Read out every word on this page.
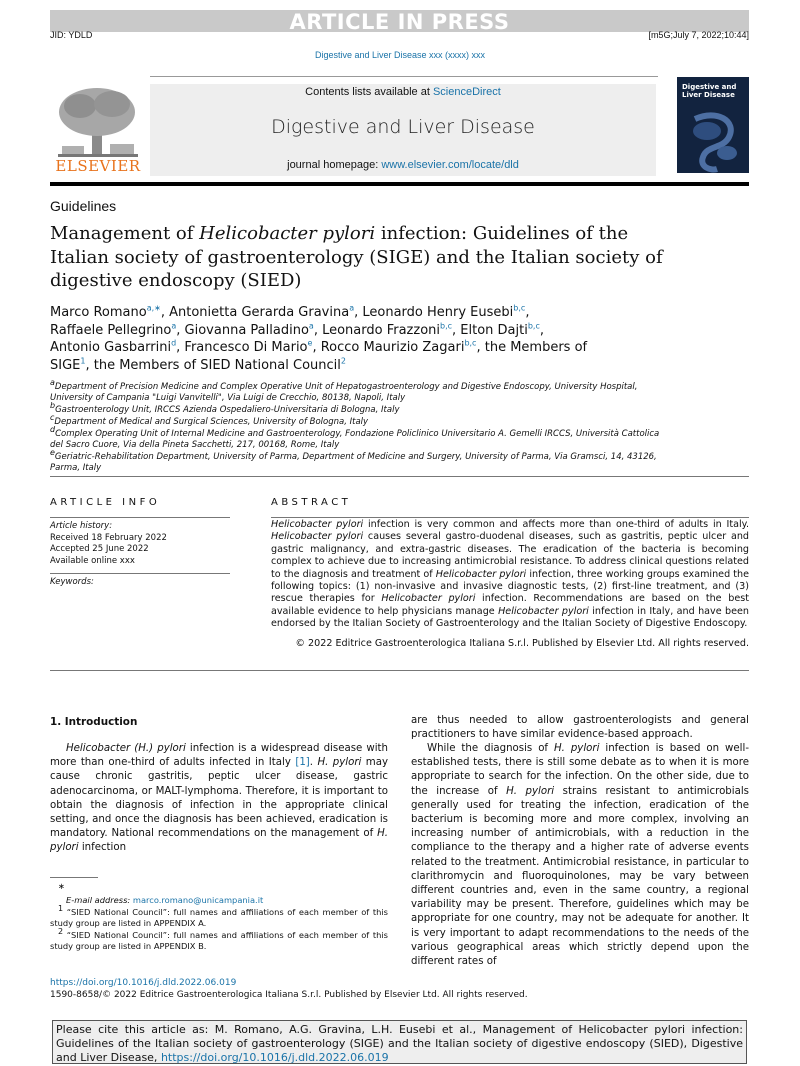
ARTICLE IN PRESS
JID: YDLD	[m5G;July 7, 2022;10:44]
Digestive and Liver Disease xxx (xxxx) xxx
ELSEVIER
Contents lists available at ScienceDirect
Digestive and Liver Disease
journal homepage: www.elsevier.com/locate/dld
Digestive and Liver Disease
Guidelines
Management of Helicobacter pylori infection: Guidelines of the Italian society of gastroenterology (SIGE) and the Italian society of digestive endoscopy (SIED)
Marco Romano$^{a,∗}$, Antonietta Gerarda Gravina$^a$, Leonardo Henry Eusebi$^{b,c}$,
Raffaele Pellegrino$^a$, Giovanna Palladino$^a$, Leonardo Frazzoni$^{b,c}$, Elton Dajti$^{b,c}$,
Antonio Gasbarrini$^d$, Francesco Di Mario$^e$, Rocco Maurizio Zagari$^{b,c}$, the Members of
SIGE$^1$, the Members of SIED National Council$^2$
$^a$Department of Precision Medicine and Complex Operative Unit of Hepatogastroenterology and Digestive Endoscopy, University Hospital, University of Campania "Luigi Vanvitelli", Via Luigi de Crecchio, 80138, Napoli, Italy
$^b$Gastroenterology Unit, IRCCS Azienda Ospedaliero-Universitaria di Bologna, Italy
$^c$Department of Medical and Surgical Sciences, University of Bologna, Italy
$^d$Complex Operating Unit of Internal Medicine and Gastroenterology, Fondazione Policlinico Universitario A. Gemelli IRCCS, Università Cattolica del Sacro Cuore, Via della Pineta Sacchetti, 217, 00168, Rome, Italy
$^e$Geriatric-Rehabilitation Department, University of Parma, Department of Medicine and Surgery, University of Parma, Via Gramsci, 14, 43126, Parma, Italy
ARTICLE INFO
Article history:
Received 18 February 2022
Accepted 25 June 2022
Available online xxx
Keywords:
ABSTRACT
Helicobacter pylori infection is very common and affects more than one-third of adults in Italy. Helicobacter pylori causes several gastro-duodenal diseases, such as gastritis, peptic ulcer and gastric malignancy, and extra-gastric diseases. The eradication of the bacteria is becoming complex to achieve due to increasing antimicrobial resistance. To address clinical questions related to the diagnosis and treatment of Helicobacter pylori infection, three working groups examined the following topics: (1) non-invasive and invasive diagnostic tests, (2) first-line treatment, and (3) rescue therapies for Helicobacter pylori infection. Recommendations are based on the best available evidence to help physicians manage Helicobacter pylori infection in Italy, and have been endorsed by the Italian Society of Gastroenterology and the Italian Society of Digestive Endoscopy.
© 2022 Editrice Gastroenterologica Italiana S.r.l. Published by Elsevier Ltd. All rights reserved.
1. Introduction
Helicobacter (H.) pylori infection is a widespread disease with more than one-third of adults infected in Italy [1]. H. pylori may cause chronic gastritis, peptic ulcer disease, gastric adenocarcinoma, or MALT-lymphoma. Therefore, it is important to obtain the diagnosis of infection in the appropriate clinical setting, and once the diagnosis has been achieved, eradication is mandatory. National recommendations on the management of H. pylori infection
are thus needed to allow gastroenterologists and general practitioners to have similar evidence-based approach.
While the diagnosis of H. pylori infection is based on well-established tests, there is still some debate as to when it is more appropriate to search for the infection. On the other side, due to the increase of H. pylori strains resistant to antimicrobials generally used for treating the infection, eradication of the bacterium is becoming more and more complex, involving an increasing number of antimicrobials, with a reduction in the compliance to the therapy and a higher rate of adverse events related to the treatment. Antimicrobial resistance, in particular to clarithromycin and fluoroquinolones, may be vary between different countries and, even in the same country, a regional variability may be present. Therefore, guidelines which may be appropriate for one country, may not be adequate for another. It is very important to adapt recommendations to the needs of the various geographical areas which strictly depend upon the different rates of
∗
E-mail address: marco.romano@unicampania.it
$^1$ “SIED National Council”: full names and affiliations of each member of this study group are listed in APPENDIX A.
$^2$ “SIED National Council”: full names and affiliations of each member of this study group are listed in APPENDIX B.
https://doi.org/10.1016/j.dld.2022.06.019
1590-8658/© 2022 Editrice Gastroenterologica Italiana S.r.l. Published by Elsevier Ltd. All rights reserved.
Please cite this article as: M. Romano, A.G. Gravina, L.H. Eusebi et al., Management of Helicobacter pylori infection: Guidelines of the Italian society of gastroenterology (SIGE) and the Italian society of digestive endoscopy (SIED), Digestive and Liver Disease, https://doi.org/10.1016/j.dld.2022.06.019
